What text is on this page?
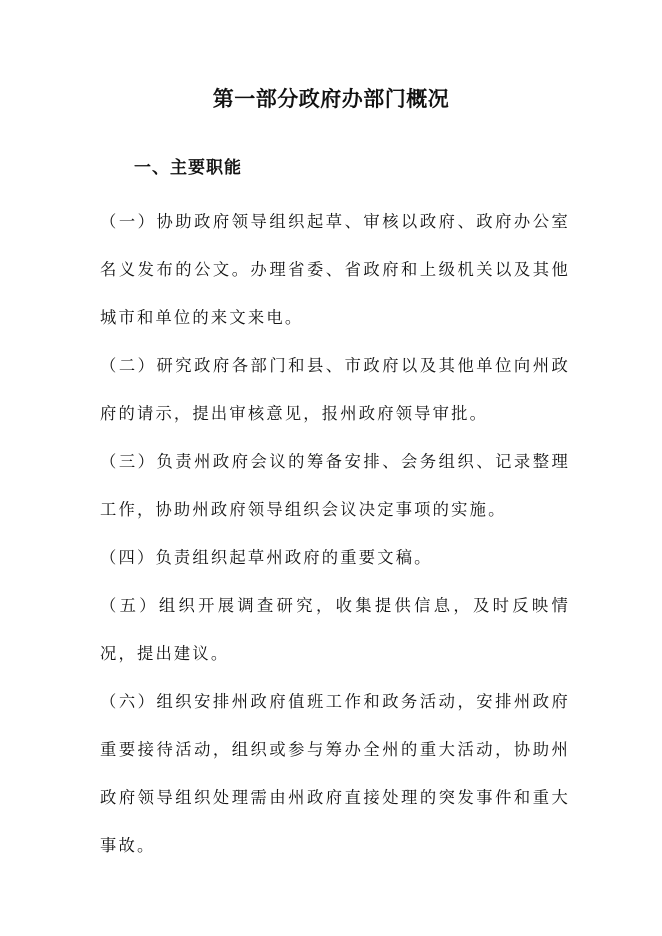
第一部分政府办部门概况
一、主要职能

（一）协助政府领导组织起草、审核以政府、政府办公室名义发布的公文。办理省委、省政府和上级机关以及其他城市和单位的来文来电。

（二）研究政府各部门和县、市政府以及其他单位向州政府的请示，提出审核意见，报州政府领导审批。

（三）负责州政府会议的筹备安排、会务组织、记录整理工作，协助州政府领导组织会议决定事项的实施。

（四）负责组织起草州政府的重要文稿。

（五）组织开展调查研究，收集提供信息，及时反映情况，提出建议。

（六）组织安排州政府值班工作和政务活动，安排州政府重要接待活动，组织或参与筹办全州的重大活动，协助州政府领导组织处理需由州政府直接处理的突发事件和重大事故。
